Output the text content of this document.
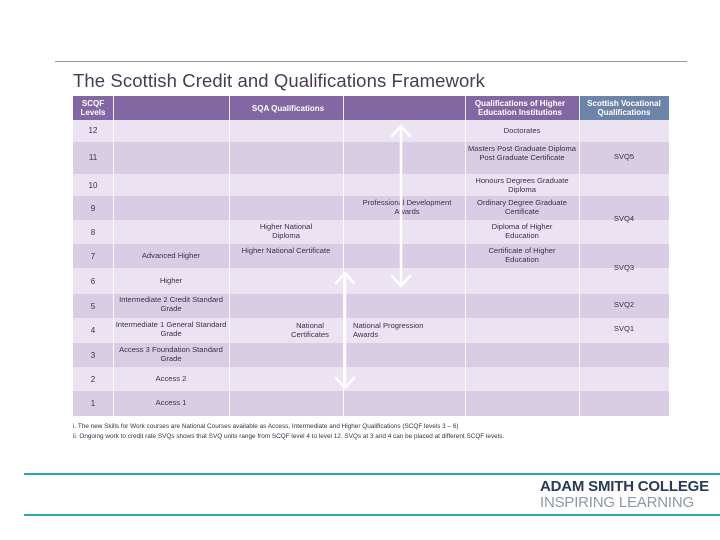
The Scottish Credit and Qualifications Framework
SCQF Levels	SQA Qualifications
Qualifications of Higher Education Institutions
Scottish Vocational Qualifications
12
11
10
9
8
7
6
5
4
3
2
1
Advanced Higher
Higher
Intermediate 2 Credit Standard Grade
Intermediate 1 General Standard Grade
Access 3 Foundation Standard Grade
Access 2
Access 1
Higher National Diploma
Higher National Certificate
National Certificates
Professional Development Awards
National Progression Awards
Doctorates
Masters Post Graduate Diploma Post Graduate Certificate
Honours Degrees Graduate Diploma
Ordinary Degree Graduate Certificate
Diploma of Higher Education
Certificate of Higher Education
SVQ5
SVQ4
SVQ3
SVQ2
SVQ1
i. The new Skills for Work courses are National Courses available as Access, Intermediate and Higher Qualifications (SCQF levels 3 – 6)
ii. Ongoing work to credit rate SVQs shows that SVQ units range from SCQF level 4 to level 12. SVQs at 3 and 4 can be placed at different SCQF levels.
ADAM SMITH COLLEGE
INSPIRING LEARNING
